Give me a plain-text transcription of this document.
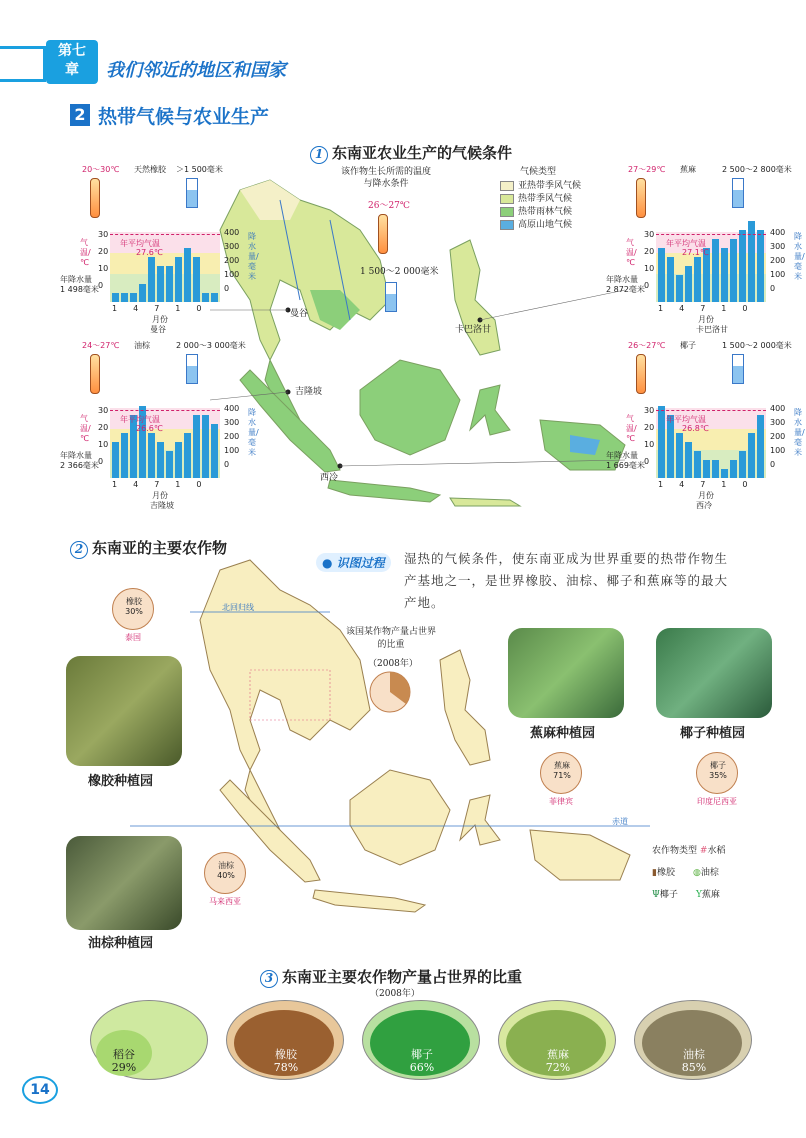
第七章	我们邻近的地区和国家
2 热带气候与农业生产
1 东南亚农业生产的气候条件
曼谷
吉隆坡
卡巴洛甘
西冷
该作物生长所需的温度与降水条件
26～27℃
1 500～2 000毫米
气候类型
亚热带季风气候
热带季风气候
热带雨林气候
高原山地气候
20～30℃ 天然橡胶 ＞1 500毫米
年平均气温
27.6℃
年降水量
1 498毫米
14710
30
20
10
0
400
300
200
100
0
气温/℃
降水量/毫米
月份
曼谷
27～29℃ 蕉麻	2 500～2 800毫米
年平均气温
27.1℃
年降水量
2 872毫米
14710
30
20
10
0
400
300
200
100
0
气温/℃
降水量/毫米
月份
卡巴洛甘
24～27℃ 油棕	2 000～3 000毫米
年平均气温
26.6℃
年降水量
2 366毫米
14710
30
20
10
0
400
300
200
100
0
气温/℃
降水量/毫米
月份
吉隆坡
26～27℃ 椰子	1 500～2 000毫米
年平均气温
26.8℃
年降水量
1 669毫米
14710
30
20
10
0
400
300
200
100
0
气温/℃
降水量/毫米
月份
西冷
2 东南亚的主要农作物
● 识图过程	湿热的气候条件，使东南亚成为世界重要的热带作物生产基地之一，是世界橡胶、油棕、椰子和蕉麻等的最大产地。
北回归线
赤道
该国某作物产量占世界的比重
（2008年）
橡胶种植园
蕉麻种植园	椰子种植园
油棕种植园
橡胶
30%
泰国
蕉麻
71%
菲律宾
椰子
35%
印度尼西亚
油棕
40%
马来西亚
农作物类型 #水稻
▮橡胶　　 ◍油棕
Ψ椰子　　 Y蕉麻
3 东南亚主要农作物产量占世界的比重
（2008年）
稻谷
29%
橡胶
78%
椰子
66%
蕉麻
72%
油棕
85%
14
